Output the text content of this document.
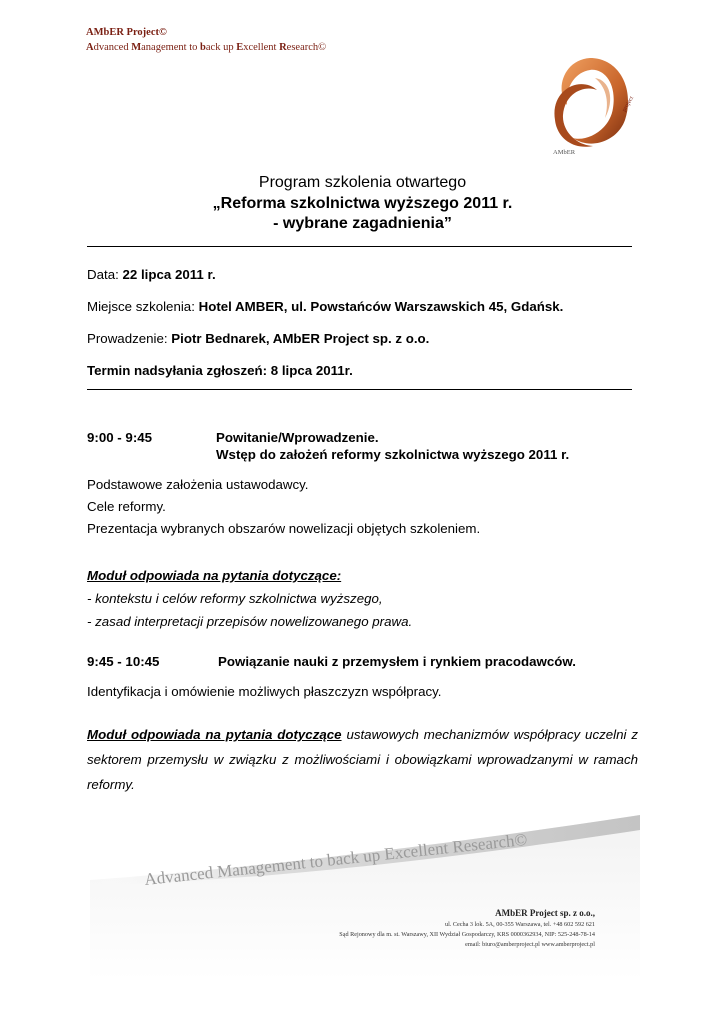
AMbER Project©
Advanced Management to back up Excellent Research©
AMbER
project
Program szkolenia otwartego
„Reforma szkolnictwa wyższego 2011 r.
- wybrane zagadnienia”
Data: 22 lipca 2011 r.
Miejsce szkolenia: Hotel AMBER, ul. Powstańców Warszawskich 45, Gdańsk.
Prowadzenie: Piotr Bednarek, AMbER Project sp. z o.o.
Termin nadsyłania zgłoszeń: 8 lipca 2011r.
9:00 - 9:45	Powitanie/Wprowadzenie.
Wstęp do założeń reformy szkolnictwa wyższego 2011 r.
Podstawowe założenia ustawodawcy.
Cele reformy.
Prezentacja wybranych obszarów nowelizacji objętych szkoleniem.
Moduł odpowiada na pytania dotyczące:
- kontekstu i celów reformy szkolnictwa wyższego,
- zasad interpretacji przepisów nowelizowanego prawa.
9:45 - 10:45	Powiązanie nauki z przemysłem i rynkiem pracodawców.
Identyfikacja i omówienie możliwych płaszczyzn współpracy.
Moduł odpowiada na pytania dotyczące ustawowych mechanizmów współpracy uczelni z sektorem przemysłu w związku z możliwościami i obowiązkami wprowadzanymi w ramach reformy.
Advanced Management to back up Excellent Research©
AMbER Project sp. z o.o.,
ul. Cecha 3 lok. 5A, 00-355 Warszawa, tel. +48 602 592 621
Sąd Rejonowy dla m. st. Warszawy, XII Wydział Gospodarczy, KRS 0000362934, NIP: 525-248-78-14
email: biuro@amberproject.pl www.amberproject.pl
